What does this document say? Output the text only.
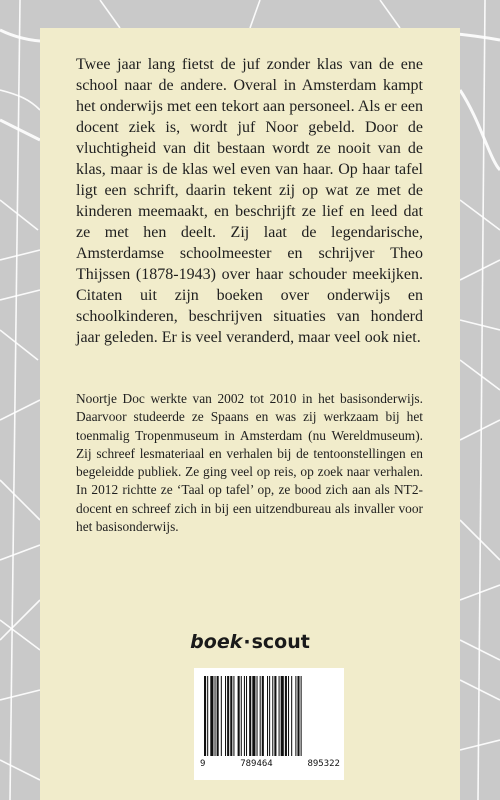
Twee jaar lang fietst de juf zonder klas van de ene school naar de andere. Overal in Amsterdam kampt het onderwijs met een tekort aan personeel. Als er een docent ziek is, wordt juf Noor gebeld. Door de vluchtigheid van dit bestaan wordt ze nooit van de klas, maar is de klas wel even van haar. Op haar tafel ligt een schrift, daarin tekent zij op wat ze met de kinderen meemaakt, en beschrijft ze lief en leed dat ze met hen deelt. Zij laat de legendarische, Amsterdamse schoolmeester en schrijver Theo Thijssen (1878-1943) over haar schouder meekijken. Citaten uit zijn boeken over onderwijs en schoolkinderen, beschrijven situaties van honderd jaar geleden. Er is veel veranderd, maar veel ook niet.

Noortje Doc werkte van 2002 tot 2010 in het basisonderwijs. Daarvoor studeerde ze Spaans en was zij werkzaam bij het toenmalig Tropenmuseum in Amsterdam (nu Wereldmuseum). Zij schreef lesmateriaal en verhalen bij de tentoonstellingen en begeleidde publiek. Ze ging veel op reis, op zoek naar verhalen. In 2012 richtte ze ‘Taal op tafel’ op, ze bood zich aan als NT2-docent en schreef zich in bij een uitzendbureau als invaller voor het basisonderwijs.

boek·scout
9	789464	895322
